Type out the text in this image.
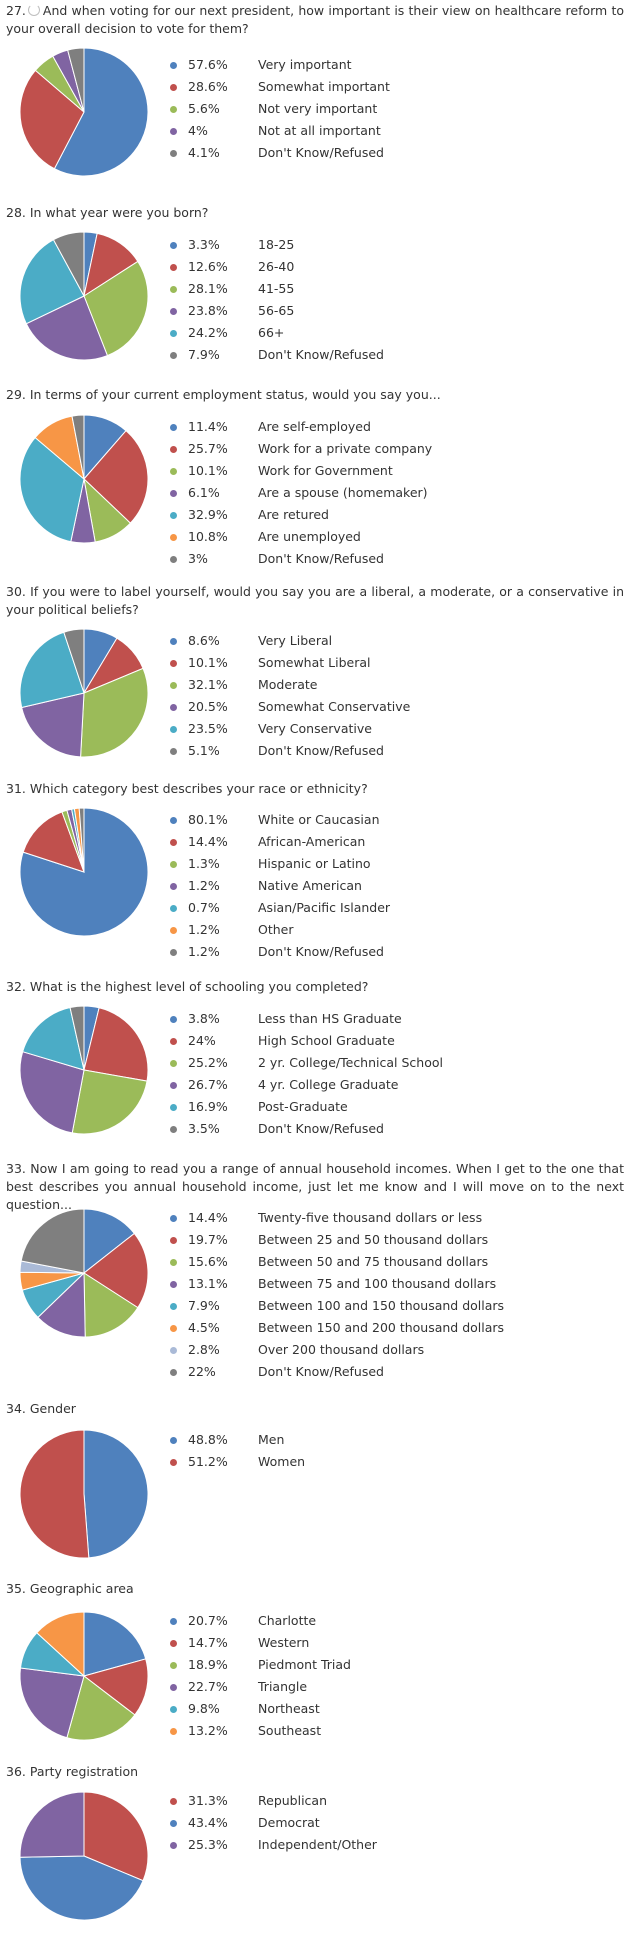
27. And when voting for our next president, how important is their view on healthcare reform to your overall decision to vote for them?

57.6% Very important
28.6% Somewhat important
5.6%	Not very important
4%	Not at all important
4.1%	Don't Know/Refused

28. In what year were you born?

3.3%	18-25
12.6% 26-40
28.1% 41-55
23.8% 56-65
24.2% 66+
7.9%	Don't Know/Refused

29. In terms of your current employment status, would you say you...

11.4% Are self-employed
25.7% Work for a private company
10.1% Work for Government
6.1%	Are a spouse (homemaker)
32.9% Are retured
10.8% Are unemployed
3%	Don't Know/Refused

30. If you were to label yourself, would you say you are a liberal, a moderate, or a conservative in your political beliefs?

8.6%	Very Liberal
10.1% Somewhat Liberal
32.1% Moderate
20.5% Somewhat Conservative
23.5% Very Conservative
5.1%	Don't Know/Refused

31. Which category best describes your race or ethnicity?

80.1% White or Caucasian
14.4% African-American
1.3%	Hispanic or Latino
1.2%	Native American
0.7%	Asian/Pacific Islander
1.2%	Other
1.2%	Don't Know/Refused

32. What is the highest level of schooling you completed?

3.8%	Less than HS Graduate
24%	High School Graduate
25.2% 2 yr. College/Technical School
26.7% 4 yr. College Graduate
16.9% Post-Graduate
3.5%	Don't Know/Refused

33. Now I am going to read you a range of annual household incomes. When I get to the one that best describes you annual household income, just let me know and I will move on to the next question...

14.4% Twenty-five thousand dollars or less
19.7% Between 25 and 50 thousand dollars
15.6% Between 50 and 75 thousand dollars
13.1% Between 75 and 100 thousand dollars
7.9%	Between 100 and 150 thousand dollars
4.5%	Between 150 and 200 thousand dollars
2.8%	Over 200 thousand dollars
22%	Don't Know/Refused

34. Gender

48.8% Men
51.2% Women

35. Geographic area

20.7% Charlotte
14.7% Western
18.9% Piedmont Triad
22.7% Triangle
9.8%	Northeast
13.2% Southeast

36. Party registration

31.3% Republican
43.4% Democrat
25.3% Independent/Other
